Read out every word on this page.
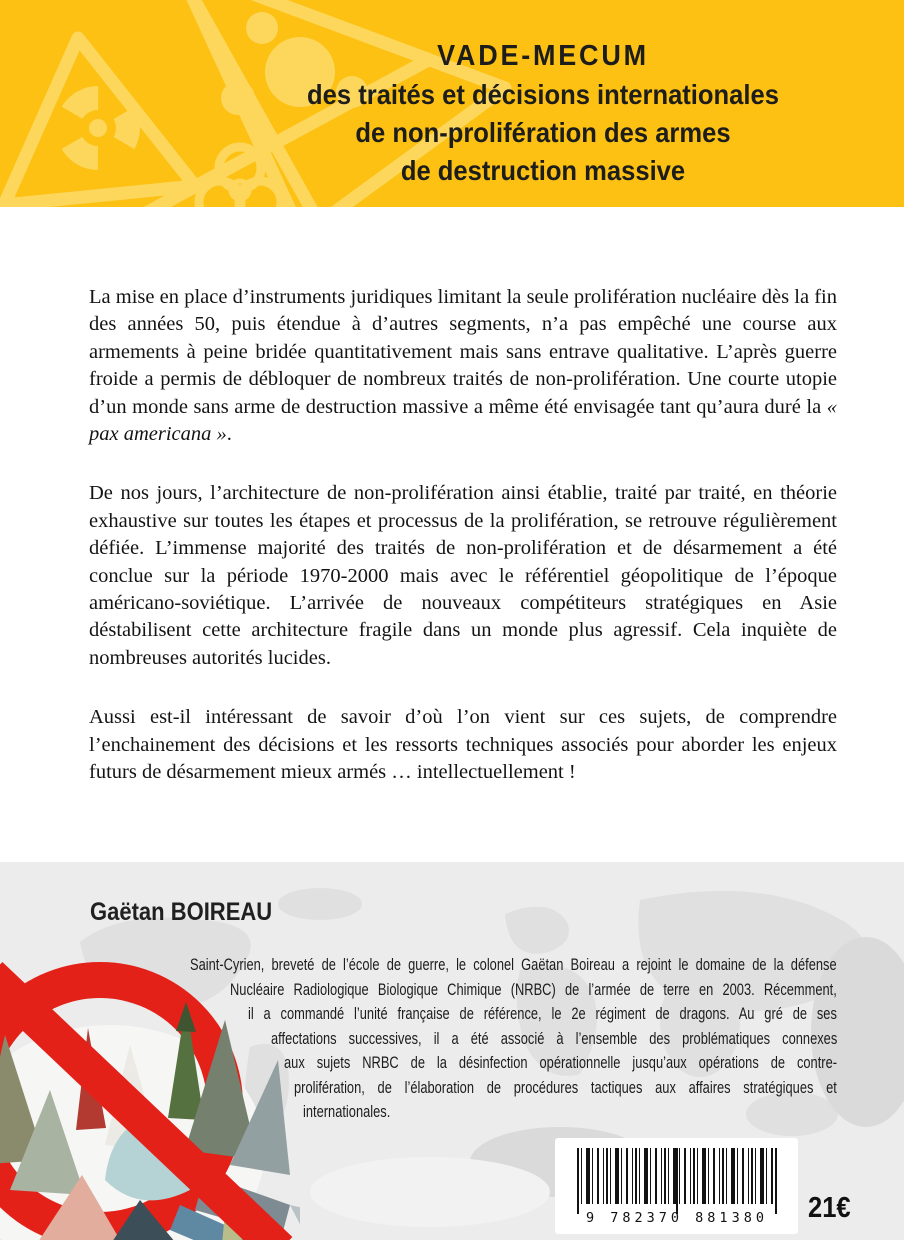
VADE-MECUM
des traités et décisions internationales
de non-prolifération des armes
de destruction massive

La mise en place d’instruments juridiques limitant la seule prolifération nucléaire dès la fin des années 50, puis étendue à d’autres segments, n’a pas empêché une course aux armements à peine bridée quantitativement mais sans entrave qualitative. L’après guerre froide a permis de débloquer de nombreux traités de non-prolifération. Une courte utopie d’un monde sans arme de destruction massive a même été envisagée tant qu’aura duré la « pax americana ».

De nos jours, l’architecture de non-prolifération ainsi établie, traité par traité, en théorie exhaustive sur toutes les étapes et processus de la prolifération, se retrouve régulièrement défiée. L’immense majorité des traités de non-prolifération et de désarmement a été conclue sur la période 1970-2000 mais avec le référentiel géopolitique de l’époque américano-soviétique. L’arrivée de nouveaux compétiteurs stratégiques en Asie déstabilisent cette architecture fragile dans un monde plus agressif. Cela inquiète de nombreuses autorités lucides.

Aussi est-il intéressant de savoir d’où l’on vient sur ces sujets, de comprendre l’enchainement des décisions et les ressorts techniques associés pour aborder les enjeux futurs de désarmement mieux armés … intellectuellement !

Gaëtan BOIREAU
Saint-Cyrien, breveté de l’école de guerre, le colonel Gaëtan Boireau a rejoint le domaine de la défense
Nucléaire Radiologique Biologique Chimique (NRBC) de l’armée de terre en 2003. Récemment,
il a commandé l’unité française de référence, le 2e régiment de dragons. Au gré de ses
affectations successives, il a été associé à l’ensemble des problématiques connexes
aux sujets NRBC de la désinfection opérationnelle jusqu’aux opérations de contre-
prolifération, de l’élaboration de procédures tactiques aux affaires stratégiques et
internationales.
9 782370 881380	21€
